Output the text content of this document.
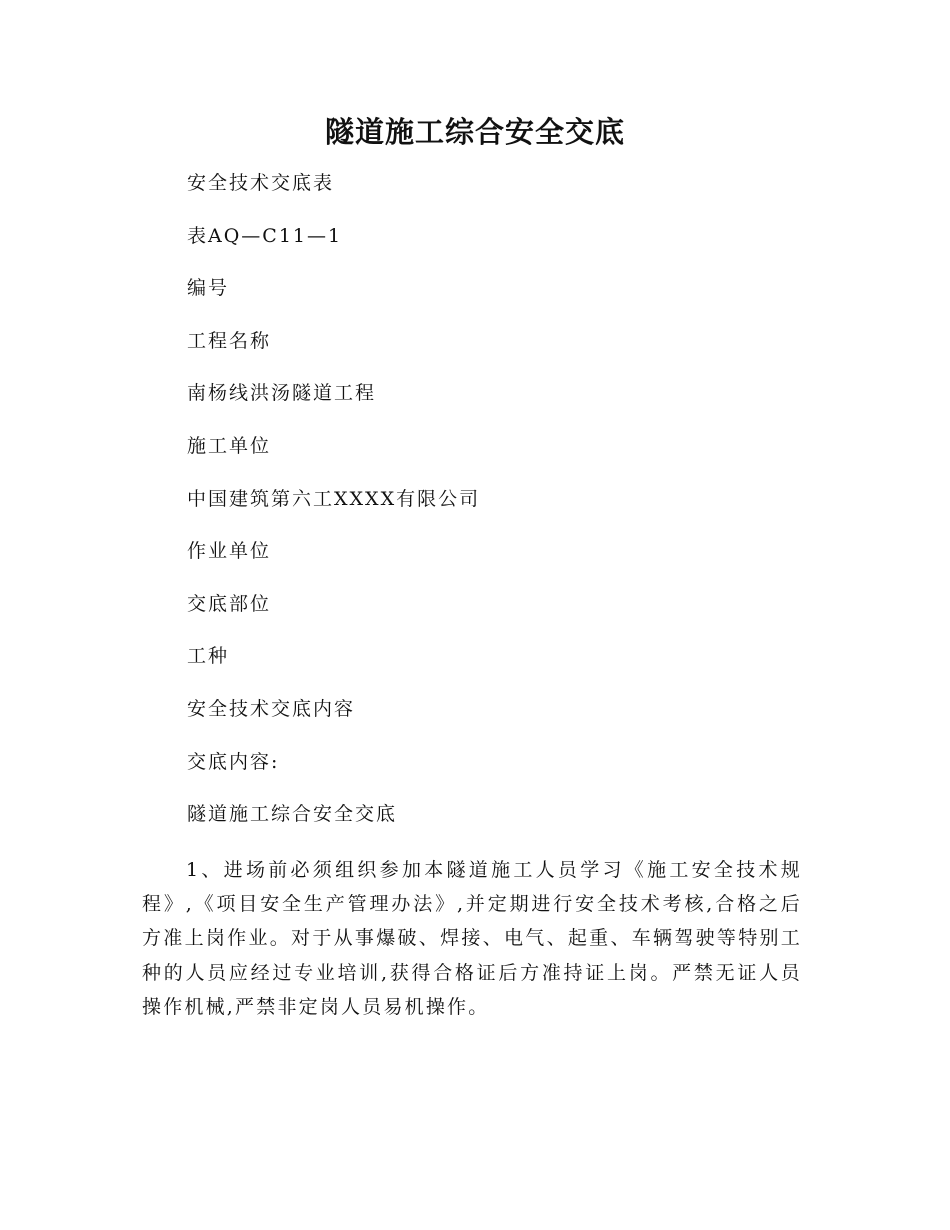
隧道施工综合安全交底
安全技术交底表
表AQ—C11—1
编号
工程名称
南杨线洪汤隧道工程
施工单位
中国建筑第六工XXXX有限公司
作业单位
交底部位
工种
安全技术交底内容
交底内容:
隧道施工综合安全交底

1、进场前必须组织参加本隧道施工人员学习《施工安全技术规程》,《项目安全生产管理办法》,并定期进行安全技术考核,合格之后方准上岗作业。对于从事爆破、焊接、电气、起重、车辆驾驶等特别工种的人员应经过专业培训,获得合格证后方准持证上岗。严禁无证人员操作机械,严禁非定岗人员易机操作。
